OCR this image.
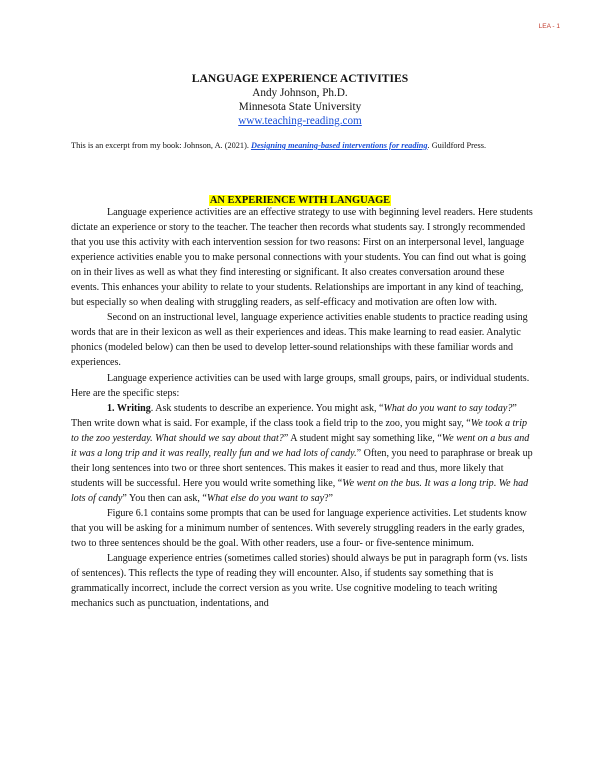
LEA - 1
LANGUAGE EXPERIENCE ACTIVITIES
Andy Johnson, Ph.D.
Minnesota State University
www.teaching-reading.com
This is an excerpt from my book: Johnson, A. (2021). Designing meaning-based interventions for reading. Guildford Press.
AN EXPERIENCE WITH LANGUAGE

Language experience activities are an effective strategy to use with beginning level readers. Here students dictate an experience or story to the teacher. The teacher then records what students say. I strongly recommended that you use this activity with each intervention session for two reasons: First on an interpersonal level, language experience activities enable you to make personal connections with your students. You can find out what is going on in their lives as well as what they find interesting or significant. It also creates conversation around these events. This enhances your ability to relate to your students. Relationships are important in any kind of teaching, but especially so when dealing with struggling readers, as self-efficacy and motivation are often low with.

Second on an instructional level, language experience activities enable students to practice reading using words that are in their lexicon as well as their experiences and ideas. This make learning to read easier. Analytic phonics (modeled below) can then be used to develop letter-sound relationships with these familiar words and experiences.

Language experience activities can be used with large groups, small groups, pairs, or individual students. Here are the specific steps:

1. Writing. Ask students to describe an experience. You might ask, “What do you want to say today?” Then write down what is said. For example, if the class took a field trip to the zoo, you might say, “We took a trip to the zoo yesterday. What should we say about that?” A student might say something like, “We went on a bus and it was a long trip and it was really, really fun and we had lots of candy.” Often, you need to paraphrase or break up their long sentences into two or three short sentences. This makes it easier to read and thus, more likely that students will be successful. Here you would write something like, “We went on the bus. It was a long trip. We had lots of candy” You then can ask, “What else do you want to say?”

Figure 6.1 contains some prompts that can be used for language experience activities. Let students know that you will be asking for a minimum number of sentences. With severely struggling readers in the early grades, two to three sentences should be the goal. With other readers, use a four- or five-sentence minimum.

Language experience entries (sometimes called stories) should always be put in paragraph form (vs. lists of sentences). This reflects the type of reading they will encounter. Also, if students say something that is grammatically incorrect, include the correct version as you write. Use cognitive modeling to teach writing mechanics such as punctuation, indentations, and
